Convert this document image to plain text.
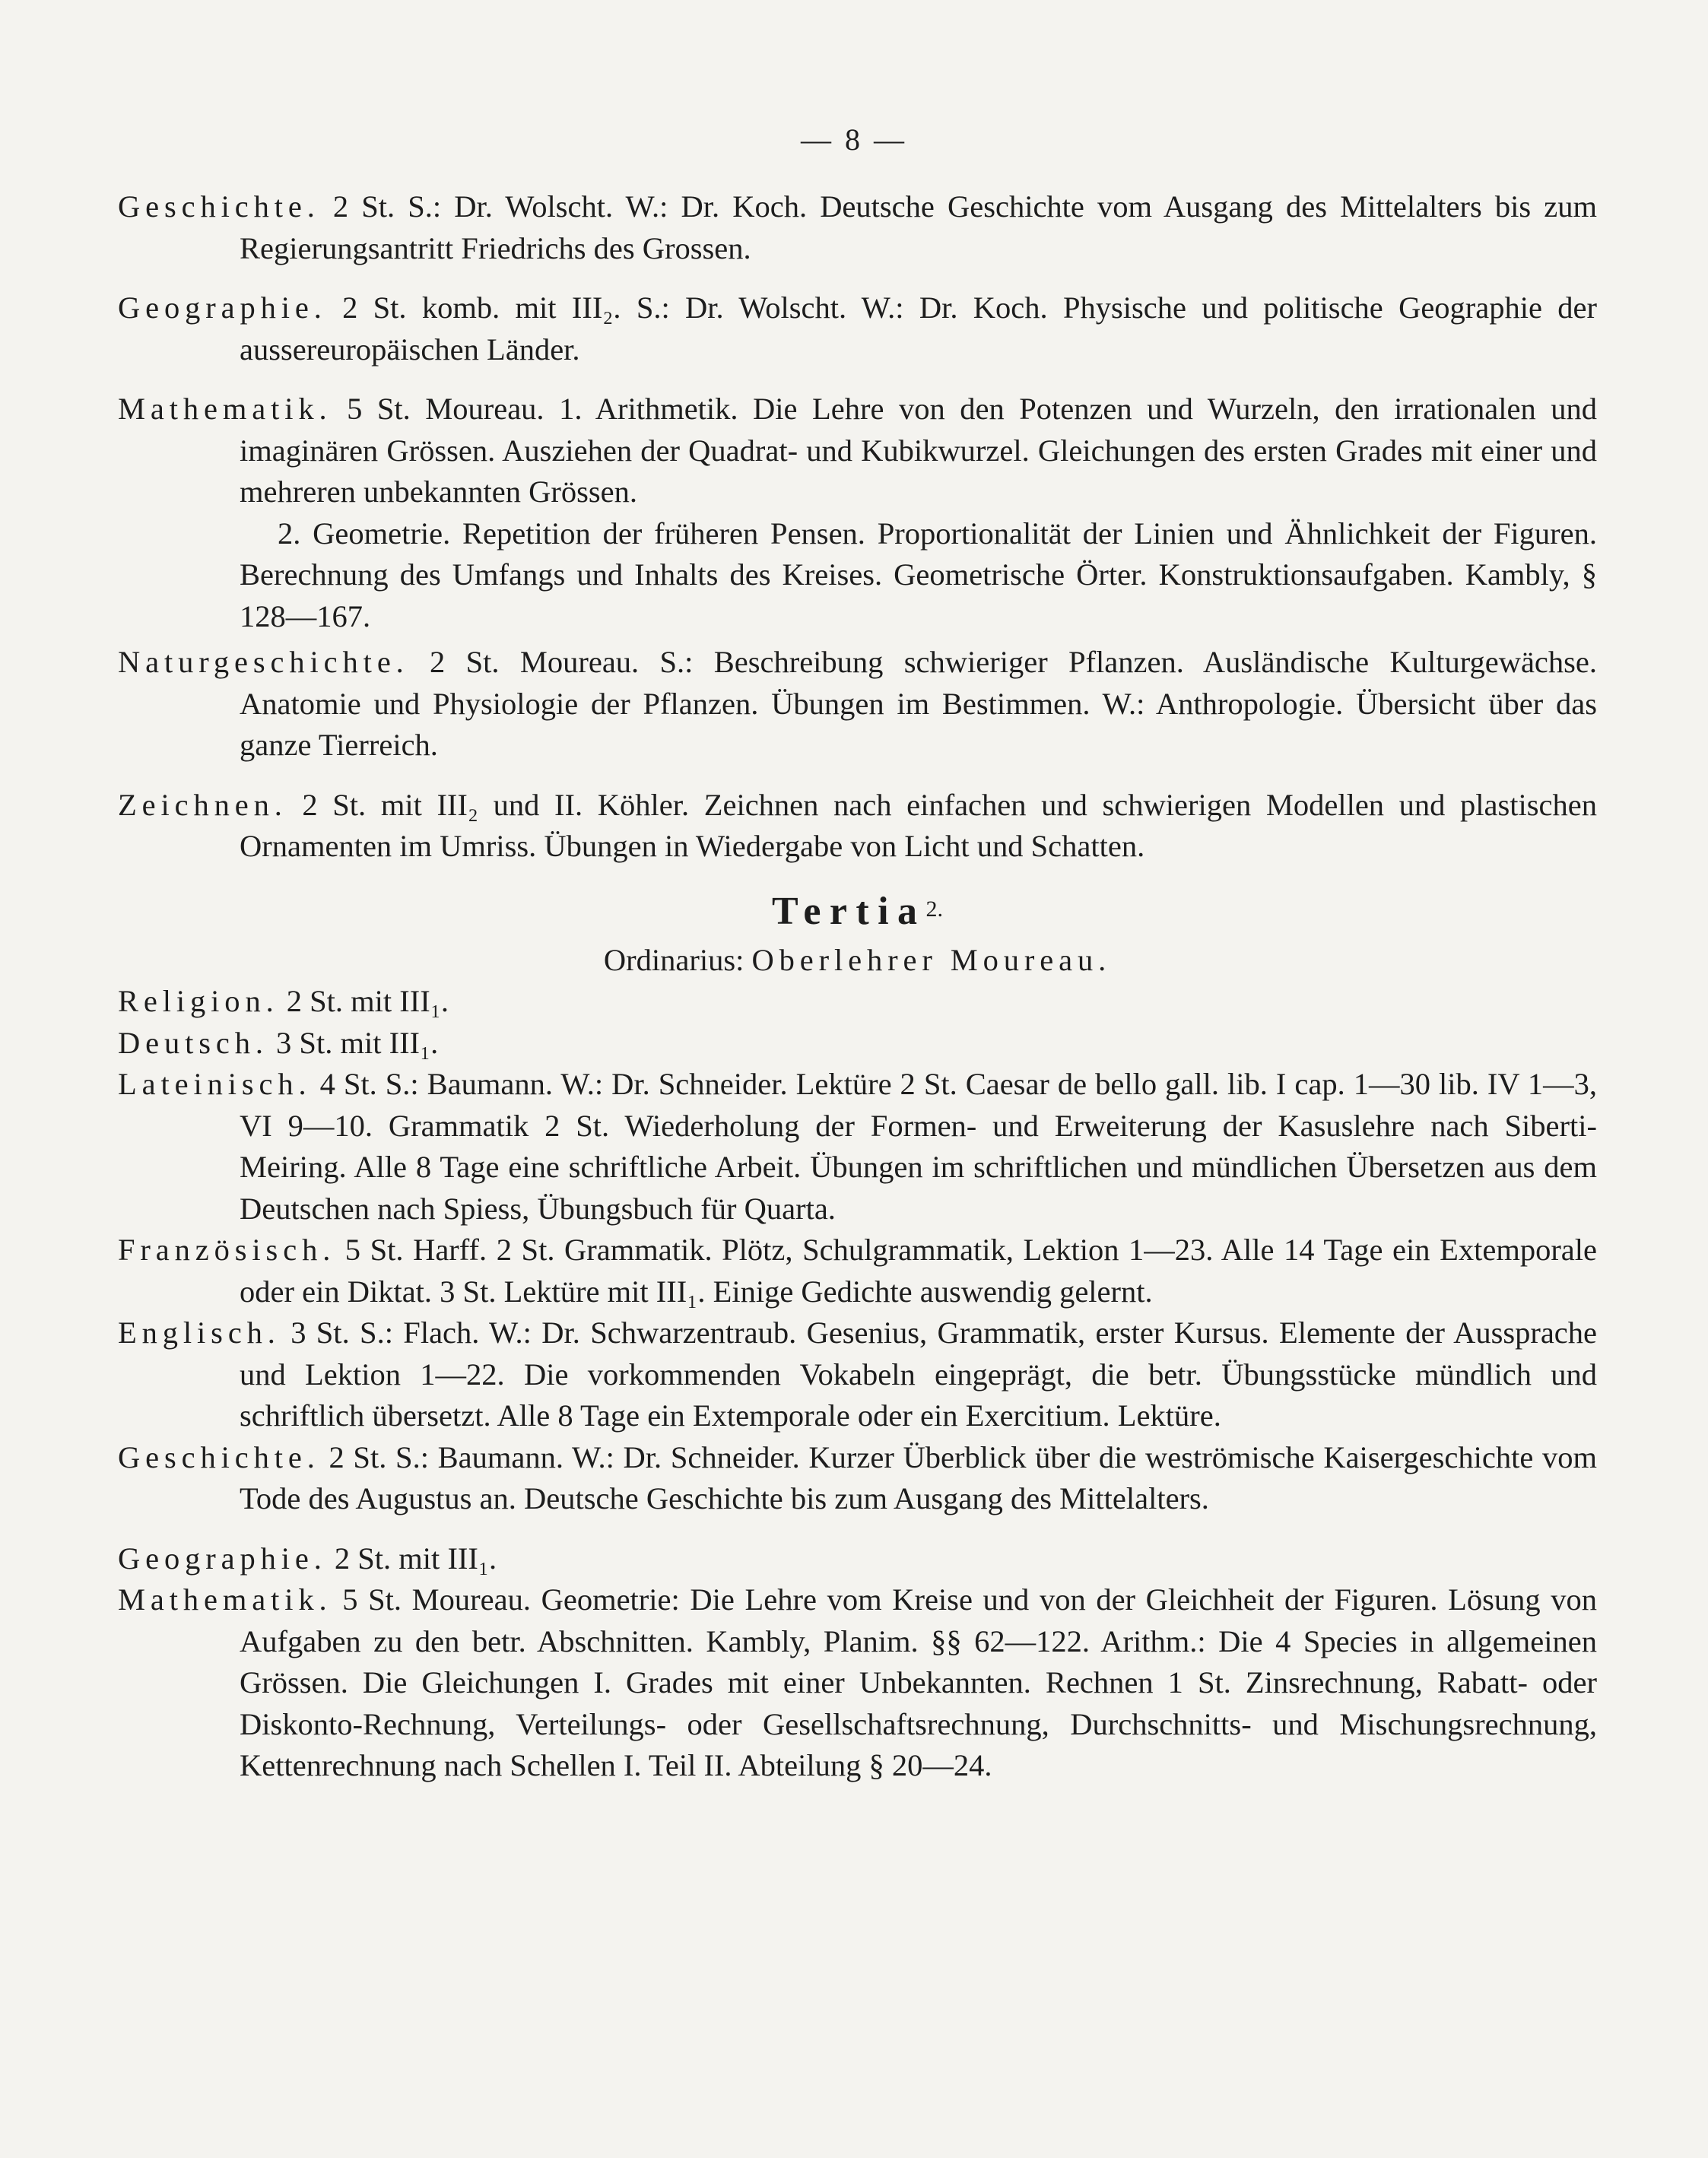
— 8 —

Geschichte. 2 St. S.: Dr. Wolscht. W.: Dr. Koch. Deutsche Geschichte vom Ausgang des Mittelalters bis zum Regierungsantritt Friedrichs des Grossen.

Geographie. 2 St. komb. mit III₂. S.: Dr. Wolscht. W.: Dr. Koch. Physische und politische Geographie der aussereuropäischen Länder.

Mathematik. 5 St. Moureau. 1. Arithmetik. Die Lehre von den Potenzen und Wurzeln, den irrationalen und imaginären Grössen. Ausziehen der Quadrat- und Kubikwurzel. Gleichungen des ersten Grades mit einer und mehreren unbekannten Grössen.

2. Geometrie. Repetition der früheren Pensen. Proportionalität der Linien und Ähnlichkeit der Figuren. Berechnung des Umfangs und Inhalts des Kreises. Geometrische Örter. Konstruktionsaufgaben. Kambly, § 128—167.

Naturgeschichte. 2 St. Moureau. S.: Beschreibung schwieriger Pflanzen. Ausländische Kulturgewächse. Anatomie und Physiologie der Pflanzen. Übungen im Bestimmen. W.: Anthropologie. Übersicht über das ganze Tierreich.

Zeichnen. 2 St. mit III₂ und II. Köhler. Zeichnen nach einfachen und schwierigen Modellen und plastischen Ornamenten im Umriss. Übungen in Wiedergabe von Licht und Schatten.

Tertia$^{2.}$
Ordinarius: Oberlehrer Moureau.

Religion. 2 St. mit III₁.

Deutsch. 3 St. mit III₁.

Lateinisch. 4 St. S.: Baumann. W.: Dr. Schneider. Lektüre 2 St. Caesar de bello gall. lib. I cap. 1—30 lib. IV 1—3, VI 9—10. Grammatik 2 St. Wiederholung der Formen- und Erweiterung der Kasuslehre nach Siberti-Meiring. Alle 8 Tage eine schriftliche Arbeit. Übungen im schriftlichen und mündlichen Übersetzen aus dem Deutschen nach Spiess, Übungsbuch für Quarta.

Französisch. 5 St. Harff. 2 St. Grammatik. Plötz, Schulgrammatik, Lektion 1—23. Alle 14 Tage ein Extemporale oder ein Diktat. 3 St. Lektüre mit III₁. Einige Gedichte auswendig gelernt.

Englisch. 3 St. S.: Flach. W.: Dr. Schwarzentraub. Gesenius, Grammatik, erster Kursus. Elemente der Aussprache und Lektion 1—22. Die vorkommenden Vokabeln eingeprägt, die betr. Übungsstücke mündlich und schriftlich übersetzt. Alle 8 Tage ein Extemporale oder ein Exercitium. Lektüre.

Geschichte. 2 St. S.: Baumann. W.: Dr. Schneider. Kurzer Überblick über die weströmische Kaisergeschichte vom Tode des Augustus an. Deutsche Geschichte bis zum Ausgang des Mittelalters.

Geographie. 2 St. mit III₁.

Mathematik. 5 St. Moureau. Geometrie: Die Lehre vom Kreise und von der Gleichheit der Figuren. Lösung von Aufgaben zu den betr. Abschnitten. Kambly, Planim. §§ 62—122. Arithm.: Die 4 Species in allgemeinen Grössen. Die Gleichungen I. Grades mit einer Unbekannten. Rechnen 1 St. Zinsrechnung, Rabatt- oder Diskonto-Rechnung, Verteilungs- oder Gesellschaftsrechnung, Durchschnitts- und Mischungsrechnung, Kettenrechnung nach Schellen I. Teil II. Abteilung § 20—24.
